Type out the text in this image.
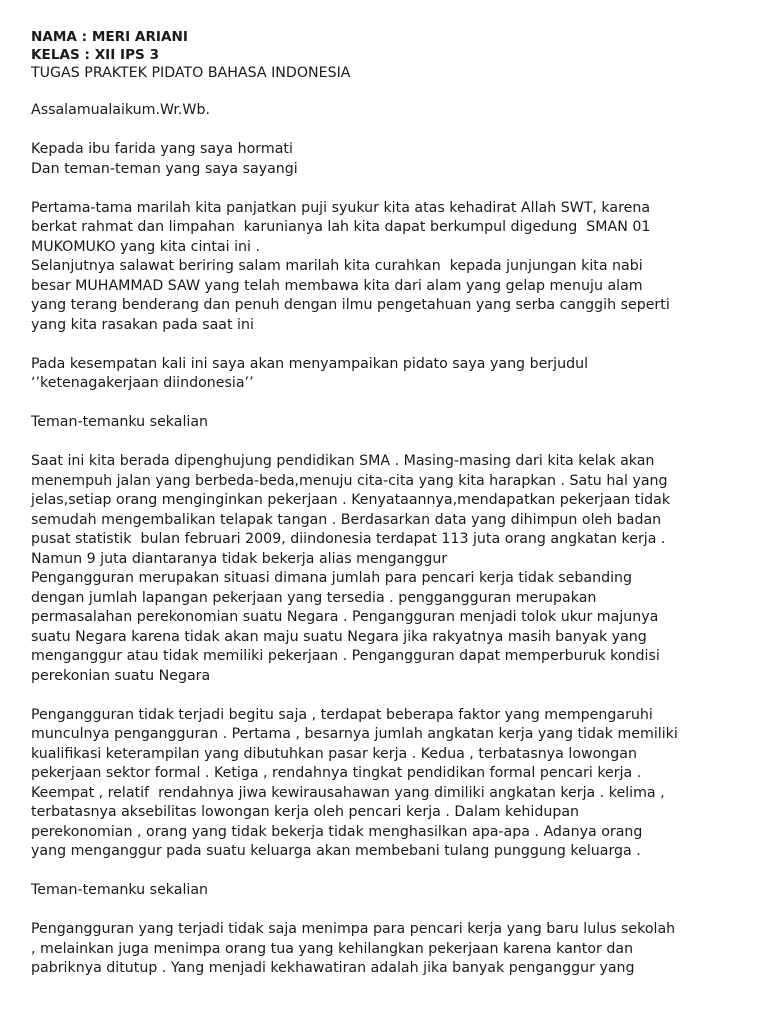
NAMA : MERI ARIANI
KELAS : XII IPS 3
TUGAS PRAKTEK PIDATO BAHASA INDONESIA
Assalamualaikum.Wr.Wb.
Kepada ibu farida yang saya hormati
Dan teman-teman yang saya sayangi
Pertama-tama marilah kita panjatkan puji syukur kita atas kehadirat Allah SWT, karena
berkat rahmat dan limpahan  karunianya lah kita dapat berkumpul digedung  SMAN 01
MUKOMUKO yang kita cintai ini .
Selanjutnya salawat beriring salam marilah kita curahkan  kepada junjungan kita nabi
besar MUHAMMAD SAW yang telah membawa kita dari alam yang gelap menuju alam
yang terang benderang dan penuh dengan ilmu pengetahuan yang serba canggih seperti
yang kita rasakan pada saat ini
Pada kesempatan kali ini saya akan menyampaikan pidato saya yang berjudul
‘’ketenagakerjaan diindonesia’’
Teman-temanku sekalian
Saat ini kita berada dipenghujung pendidikan SMA . Masing-masing dari kita kelak akan
menempuh jalan yang berbeda-beda,menuju cita-cita yang kita harapkan . Satu hal yang
jelas,setiap orang menginginkan pekerjaan . Kenyataannya,mendapatkan pekerjaan tidak
semudah mengembalikan telapak tangan . Berdasarkan data yang dihimpun oleh badan
pusat statistik  bulan februari 2009, diindonesia terdapat 113 juta orang angkatan kerja .
Namun 9 juta diantaranya tidak bekerja alias menganggur
Pengangguran merupakan situasi dimana jumlah para pencari kerja tidak sebanding
dengan jumlah lapangan pekerjaan yang tersedia . penggangguran merupakan
permasalahan perekonomian suatu Negara . Pengangguran menjadi tolok ukur majunya
suatu Negara karena tidak akan maju suatu Negara jika rakyatnya masih banyak yang
menganggur atau tidak memiliki pekerjaan . Pengangguran dapat memperburuk kondisi
perekonian suatu Negara
Pengangguran tidak terjadi begitu saja , terdapat beberapa faktor yang mempengaruhi
munculnya pengangguran . Pertama , besarnya jumlah angkatan kerja yang tidak memiliki
kualifikasi keterampilan yang dibutuhkan pasar kerja . Kedua , terbatasnya lowongan
pekerjaan sektor formal . Ketiga , rendahnya tingkat pendidikan formal pencari kerja .
Keempat , relatif  rendahnya jiwa kewirausahawan yang dimiliki angkatan kerja . kelima ,
terbatasnya aksebilitas lowongan kerja oleh pencari kerja . Dalam kehidupan
perekonomian , orang yang tidak bekerja tidak menghasilkan apa-apa . Adanya orang
yang menganggur pada suatu keluarga akan membebani tulang punggung keluarga .
Teman-temanku sekalian
Pengangguran yang terjadi tidak saja menimpa para pencari kerja yang baru lulus sekolah
, melainkan juga menimpa orang tua yang kehilangkan pekerjaan karena kantor dan
pabriknya ditutup . Yang menjadi kekhawatiran adalah jika banyak penganggur yang
